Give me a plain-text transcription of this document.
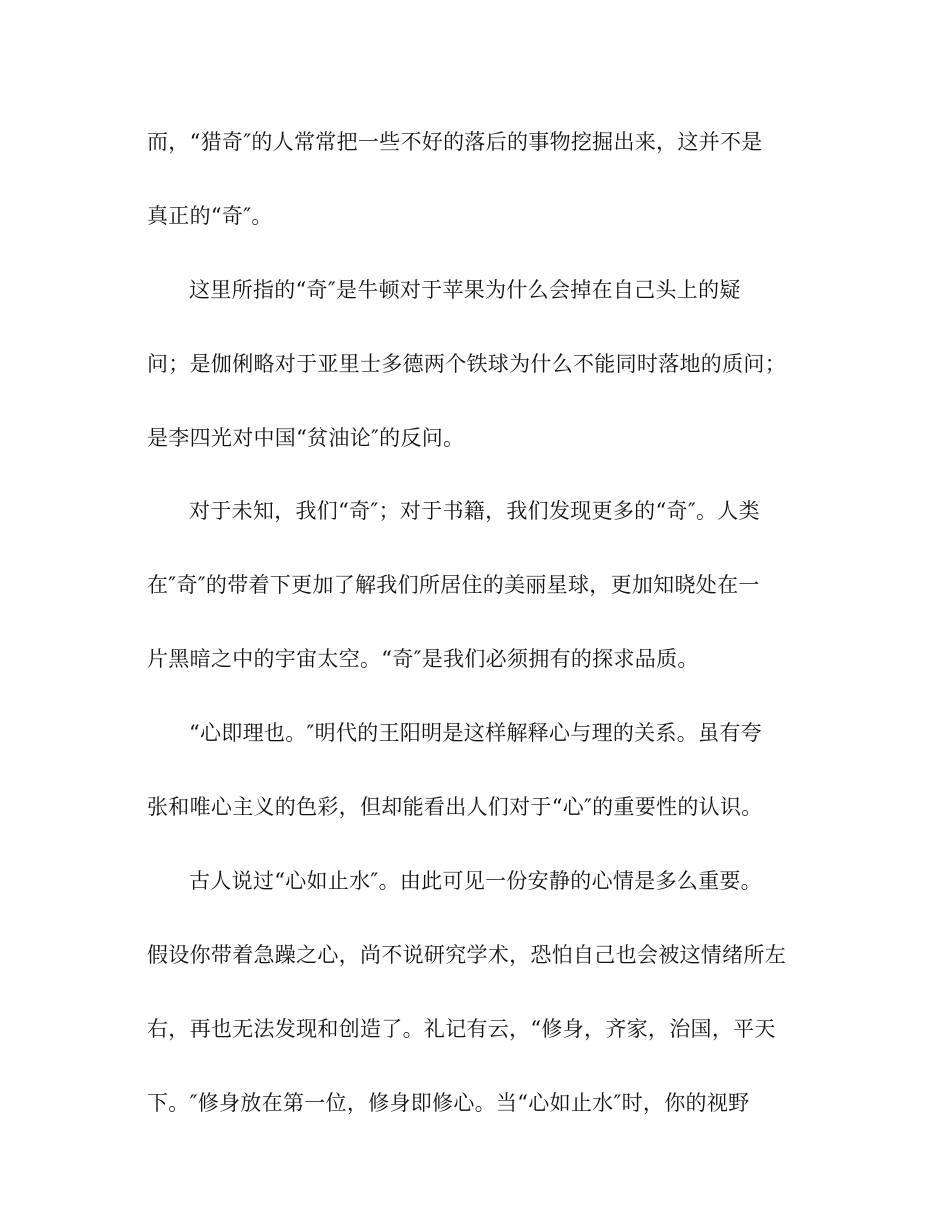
而，“猎奇″的人常常把一些不好的落后的事物挖掘出来，这并不是

真正的“奇″。

这里所指的“奇″是牛顿对于苹果为什么会掉在自己头上的疑

问；是伽俐略对于亚里士多德两个铁球为什么不能同时落地的质问；

是李四光对中国“贫油论″的反问。

对于未知，我们“奇″；对于书籍，我们发现更多的“奇″。人类

在″奇″的带着下更加了解我们所居住的美丽星球，更加知晓处在一

片黑暗之中的宇宙太空。“奇″是我们必须拥有的探求品质。

“心即理也。″明代的王阳明是这样解释心与理的关系。虽有夸

张和唯心主义的色彩，但却能看出人们对于“心″的重要性的认识。

古人说过“心如止水″。由此可见一份安静的心情是多么重要。

假设你带着急躁之心，尚不说研究学术，恐怕自己也会被这情绪所左

右，再也无法发现和创造了。礼记有云，“修身，齐家，治国，平天

下。″修身放在第一位，修身即修心。当“心如止水″时，你的视野
